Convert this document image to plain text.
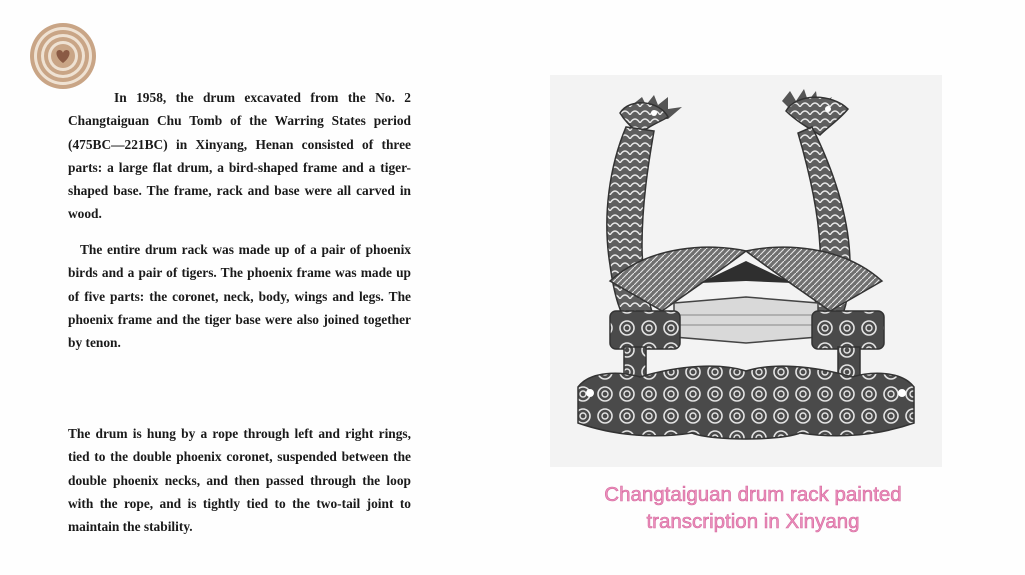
In 1958, the drum excavated from the No. 2 Changtaiguan Chu Tomb of the Warring States period (475BC—221BC) in Xinyang, Henan consisted of three parts: a large flat drum, a bird-shaped frame and a tiger-shaped base. The frame, rack and base were all carved in wood.

The entire drum rack was made up of a pair of phoenix birds and a pair of tigers. The phoenix frame was made up of five parts: the coronet, neck, body, wings and legs. The phoenix frame and the tiger base were also joined together by tenon.

The drum is hung by a rope through left and right rings, tied to the double phoenix coronet, suspended between the double phoenix necks, and then passed through the loop with the rope, and is tightly tied to the two-tail joint to maintain the stability.

Changtaiguan drum rack painted
transcription in Xinyang
